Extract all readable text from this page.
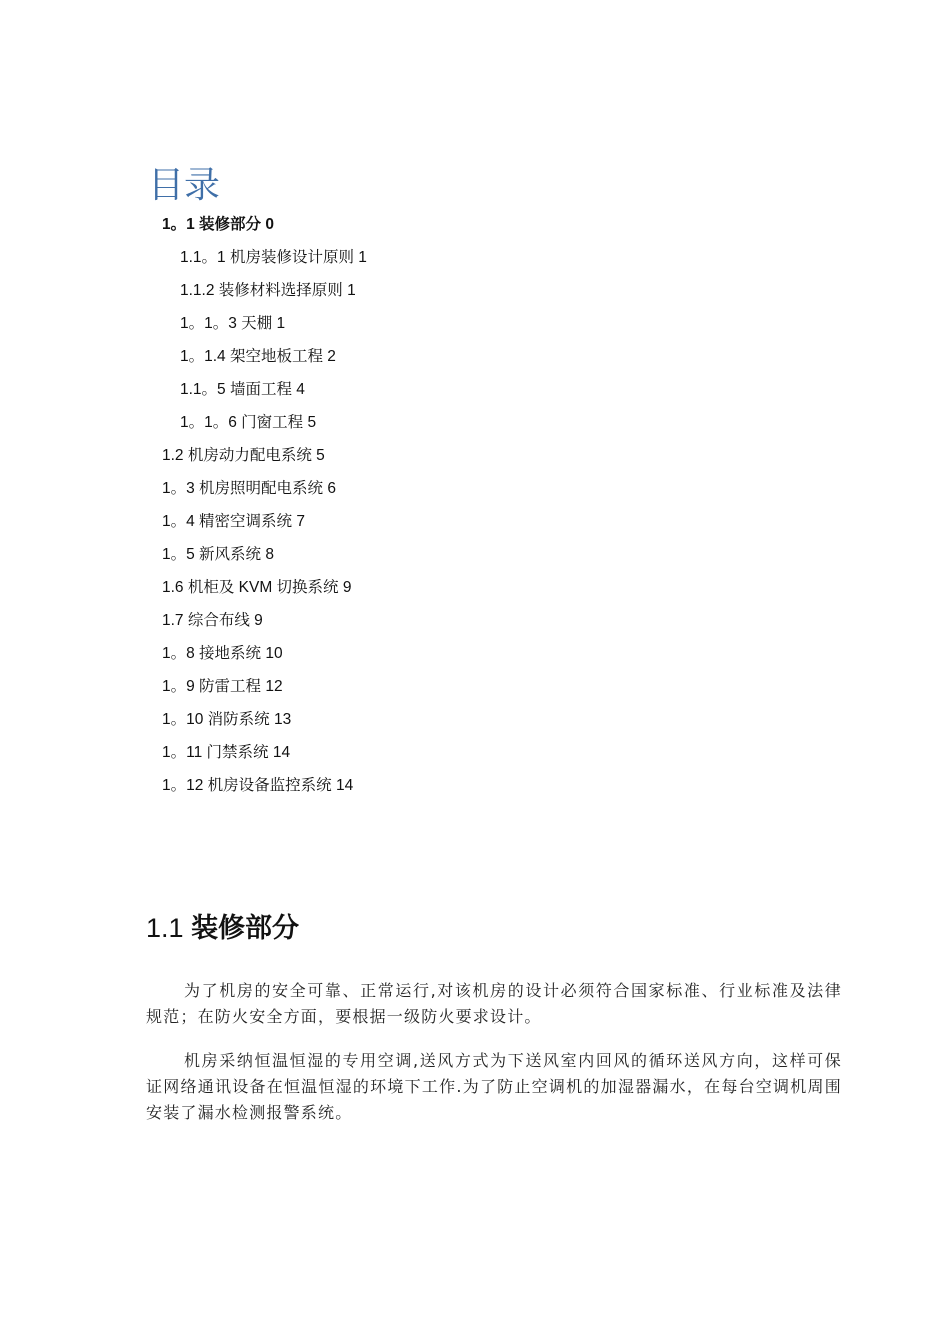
目录
1。1 装修部分 0
1.1。1 机房装修设计原则 1
1.1.2 装修材料选择原则 1
1。1。3 天棚 1
1。1.4 架空地板工程 2
1.1。5 墙面工程 4
1。1。6 门窗工程 5
1.2 机房动力配电系统 5
1。3 机房照明配电系统 6
1。4 精密空调系统 7
1。5 新风系统 8
1.6 机柜及 KVM 切换系统 9
1.7 综合布线 9
1。8 接地系统 10
1。9 防雷工程 12
1。10 消防系统 13
1。11 门禁系统 14
1。12 机房设备监控系统 14
1.1 装修部分

为了机房的安全可靠、正常运行,对该机房的设计必须符合国家标准、行业标准及法律规范；在防火安全方面，要根据一级防火要求设计。

机房采纳恒温恒湿的专用空调,送风方式为下送风室内回风的循环送风方向，这样可保证网络通讯设备在恒温恒湿的环境下工作.为了防止空调机的加湿器漏水，在每台空调机周围安装了漏水检测报警系统。
